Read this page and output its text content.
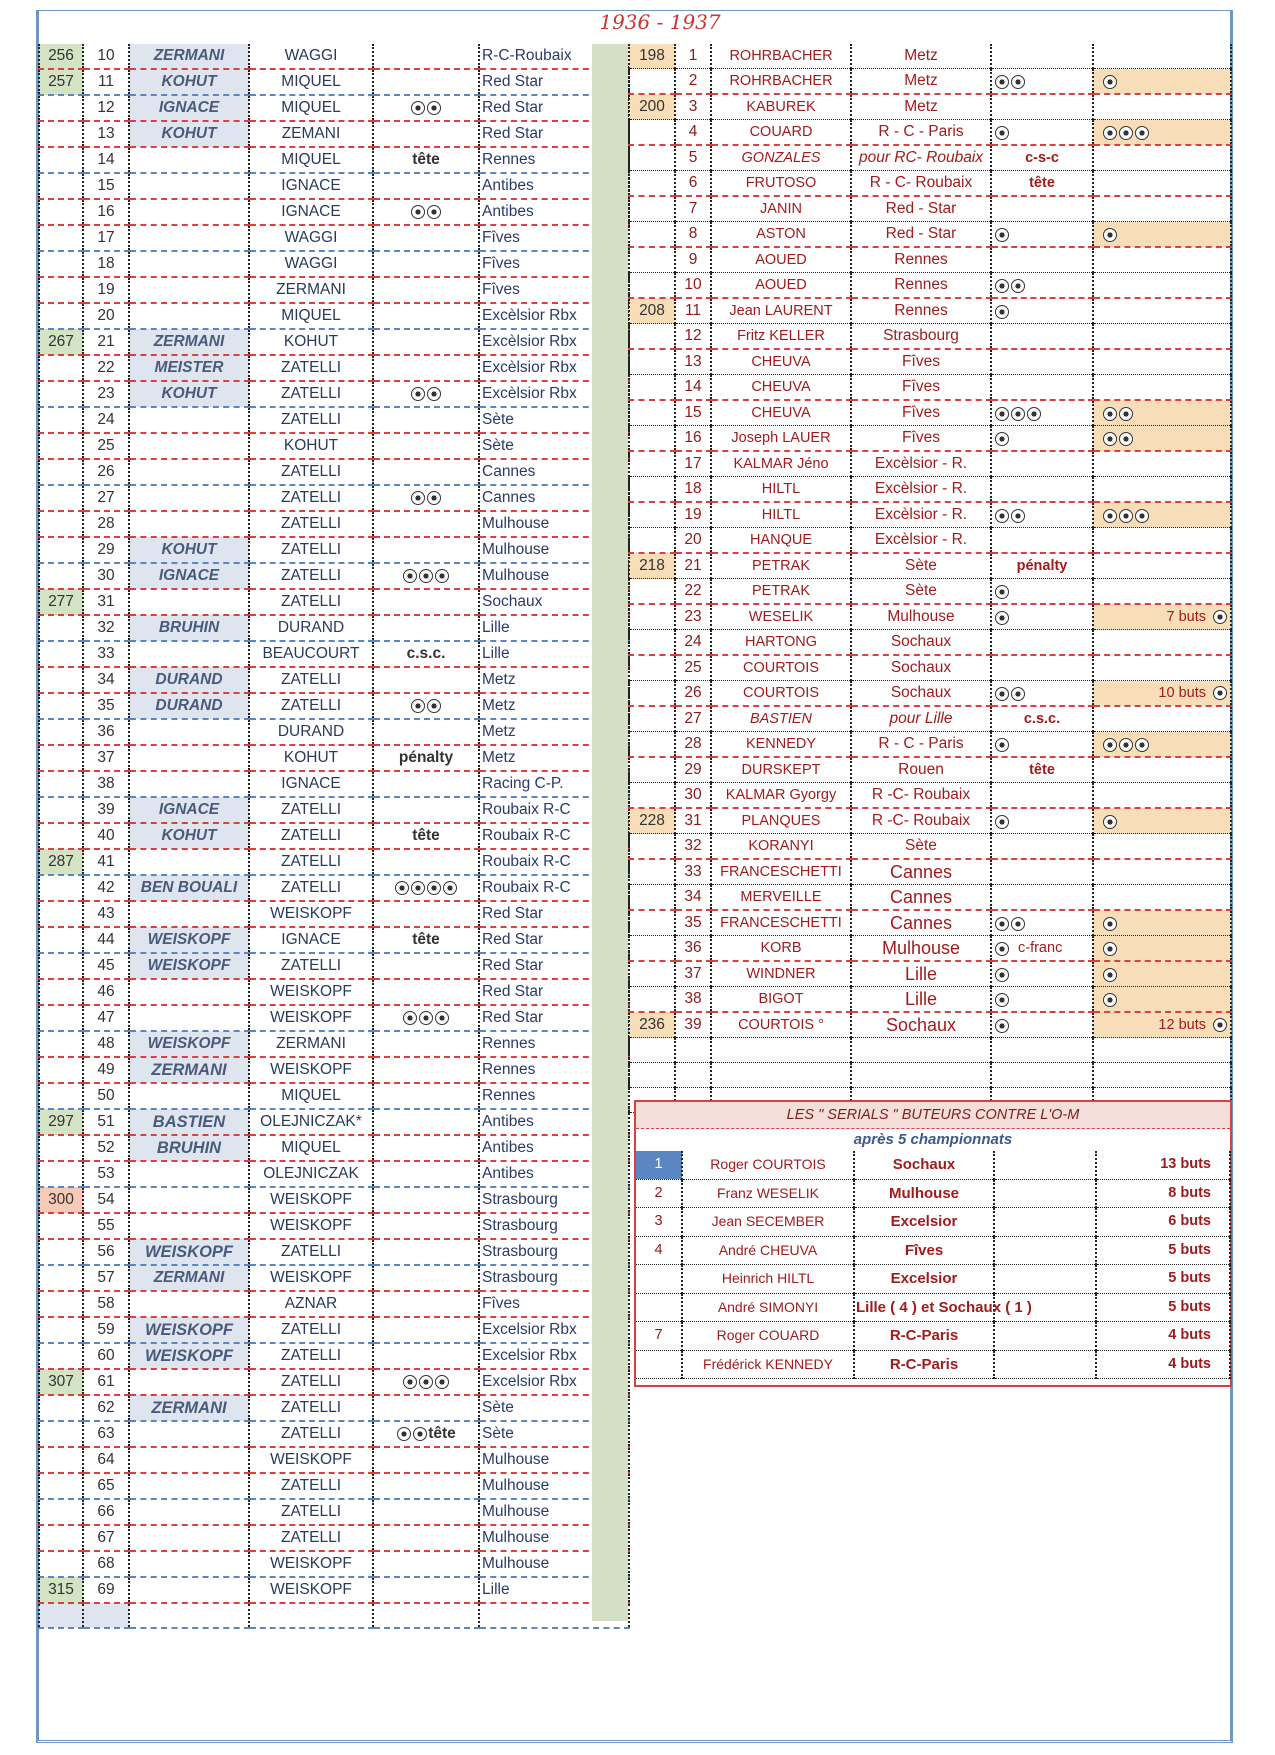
1936 - 1937
256	10	ZERMANI	WAGGI		R-C-Roubaix
257	11	KOHUT	MIQUEL		Red Star
	12	IGNACE	MIQUEL		Red Star
	13	KOHUT	ZEMANI		Red Star
	14		MIQUEL	tête	Rennes
	15		IGNACE		Antibes
	16		IGNACE		Antibes
	17		WAGGI		Fîves
	18		WAGGI		Fîves
	19		ZERMANI		Fîves
	20		MIQUEL		Excèlsior Rbx
267	21	ZERMANI	KOHUT		Excèlsior Rbx
	22	MEISTER	ZATELLI		Excèlsior Rbx
	23	KOHUT	ZATELLI		Excèlsior Rbx
	24		ZATELLI		Sète
	25		KOHUT		Sète
	26		ZATELLI		Cannes
	27		ZATELLI		Cannes
	28		ZATELLI		Mulhouse
	29	KOHUT	ZATELLI		Mulhouse
	30	IGNACE	ZATELLI		Mulhouse
277	31		ZATELLI		Sochaux
	32	BRUHIN	DURAND		Lille
	33		BEAUCOURT	c.s.c.	Lille
	34	DURAND	ZATELLI		Metz
	35	DURAND	ZATELLI		Metz
	36		DURAND		Metz
	37		KOHUT	pénalty	Metz
	38		IGNACE		Racing C-P.
	39	IGNACE	ZATELLI		Roubaix R-C
	40	KOHUT	ZATELLI	tête	Roubaix R-C
287	41		ZATELLI		Roubaix R-C
	42	BEN BOUALI	ZATELLI		Roubaix R-C
	43		WEISKOPF		Red Star
	44	WEISKOPF	IGNACE	tête	Red Star
	45	WEISKOPF	ZATELLI		Red Star
	46		WEISKOPF		Red Star
	47		WEISKOPF		Red Star
	48	WEISKOPF	ZERMANI		Rennes
	49	ZERMANI	WEISKOPF		Rennes
	50		MIQUEL		Rennes
297	51	BASTIEN	OLEJNICZAK*		Antibes
	52	BRUHIN	MIQUEL		Antibes
	53		OLEJNICZAK		Antibes
300	54		WEISKOPF		Strasbourg
	55		WEISKOPF		Strasbourg
	56	WEISKOPF	ZATELLI		Strasbourg
	57	ZERMANI	WEISKOPF		Strasbourg
	58		AZNAR		Fîves
	59	WEISKOPF	ZATELLI		Excelsior Rbx
	60	WEISKOPF	ZATELLI		Excelsior Rbx
307	61		ZATELLI		Excelsior Rbx
	62	ZERMANI	ZATELLI		Sète
	63		ZATELLI	tête	Sète
	64		WEISKOPF		Mulhouse
	65		ZATELLI		Mulhouse
	66		ZATELLI		Mulhouse
	67		ZATELLI		Mulhouse
	68		WEISKOPF		Mulhouse
315	69		WEISKOPF		Lille

198	1	ROHRBACHER	Metz		
	2	ROHRBACHER	Metz		
200	3	KABUREK	Metz		
	4	COUARD	R - C - Paris		
	5	GONZALES	pour RC- Roubaix	c-s-c	
	6	FRUTOSO	R - C- Roubaix	tête	
	7	JANIN	Red - Star		
	8	ASTON	Red - Star		
	9	AOUED	Rennes		
	10	AOUED	Rennes		
208	11	Jean LAURENT	Rennes		
	12	Fritz KELLER	Strasbourg		
	13	CHEUVA	Fîves		
	14	CHEUVA	Fîves		
	15	CHEUVA	Fîves		
	16	Joseph LAUER	Fîves		
	17	KALMAR Jéno	Excèlsior - R.		
	18	HILTL	Excèlsior - R.		
	19	HILTL	Excèlsior - R.		
	20	HANQUE	Excèlsior - R.		
218	21	PETRAK	Sète	pénalty	
	22	PETRAK	Sète		
	23	WESELIK	Mulhouse		7 buts
	24	HARTONG	Sochaux		
	25	COURTOIS	Sochaux		
	26	COURTOIS	Sochaux		10 buts
	27	BASTIEN	pour Lille	c.s.c.	
	28	KENNEDY	R - C - Paris		
	29	DURSKEPT	Rouen	tête	
	30	KALMAR Gyorgy	R -C- Roubaix		
228	31	PLANQUES	R -C- Roubaix		
	32	KORANYI	Sète		
	33	FRANCESCHETTI	Cannes		
	34	MERVEILLE	Cannes		
	35	FRANCESCHETTI	Cannes		
	36	KORB	Mulhouse	c-franc	
	37	WINDNER	Lille		
	38	BIGOT	Lille		
236	39	COURTOIS °	Sochaux		12 buts

LES " SERIALS " BUTEURS CONTRE L'O-M
après 5 championnats
1	Roger COURTOIS	Sochaux		13 buts
2	Franz WESELIK	Mulhouse		8 buts
3	Jean SECEMBER	Excelsior		6 buts
4	André CHEUVA	Fîves		5 buts
	Heinrich HILTL	Excelsior		5 buts
	André SIMONYI	Lille ( 4 ) et Sochaux ( 1 )		5 buts
7	Roger COUARD	R-C-Paris		4 buts
	Frédérick KENNEDY	R-C-Paris		4 buts
